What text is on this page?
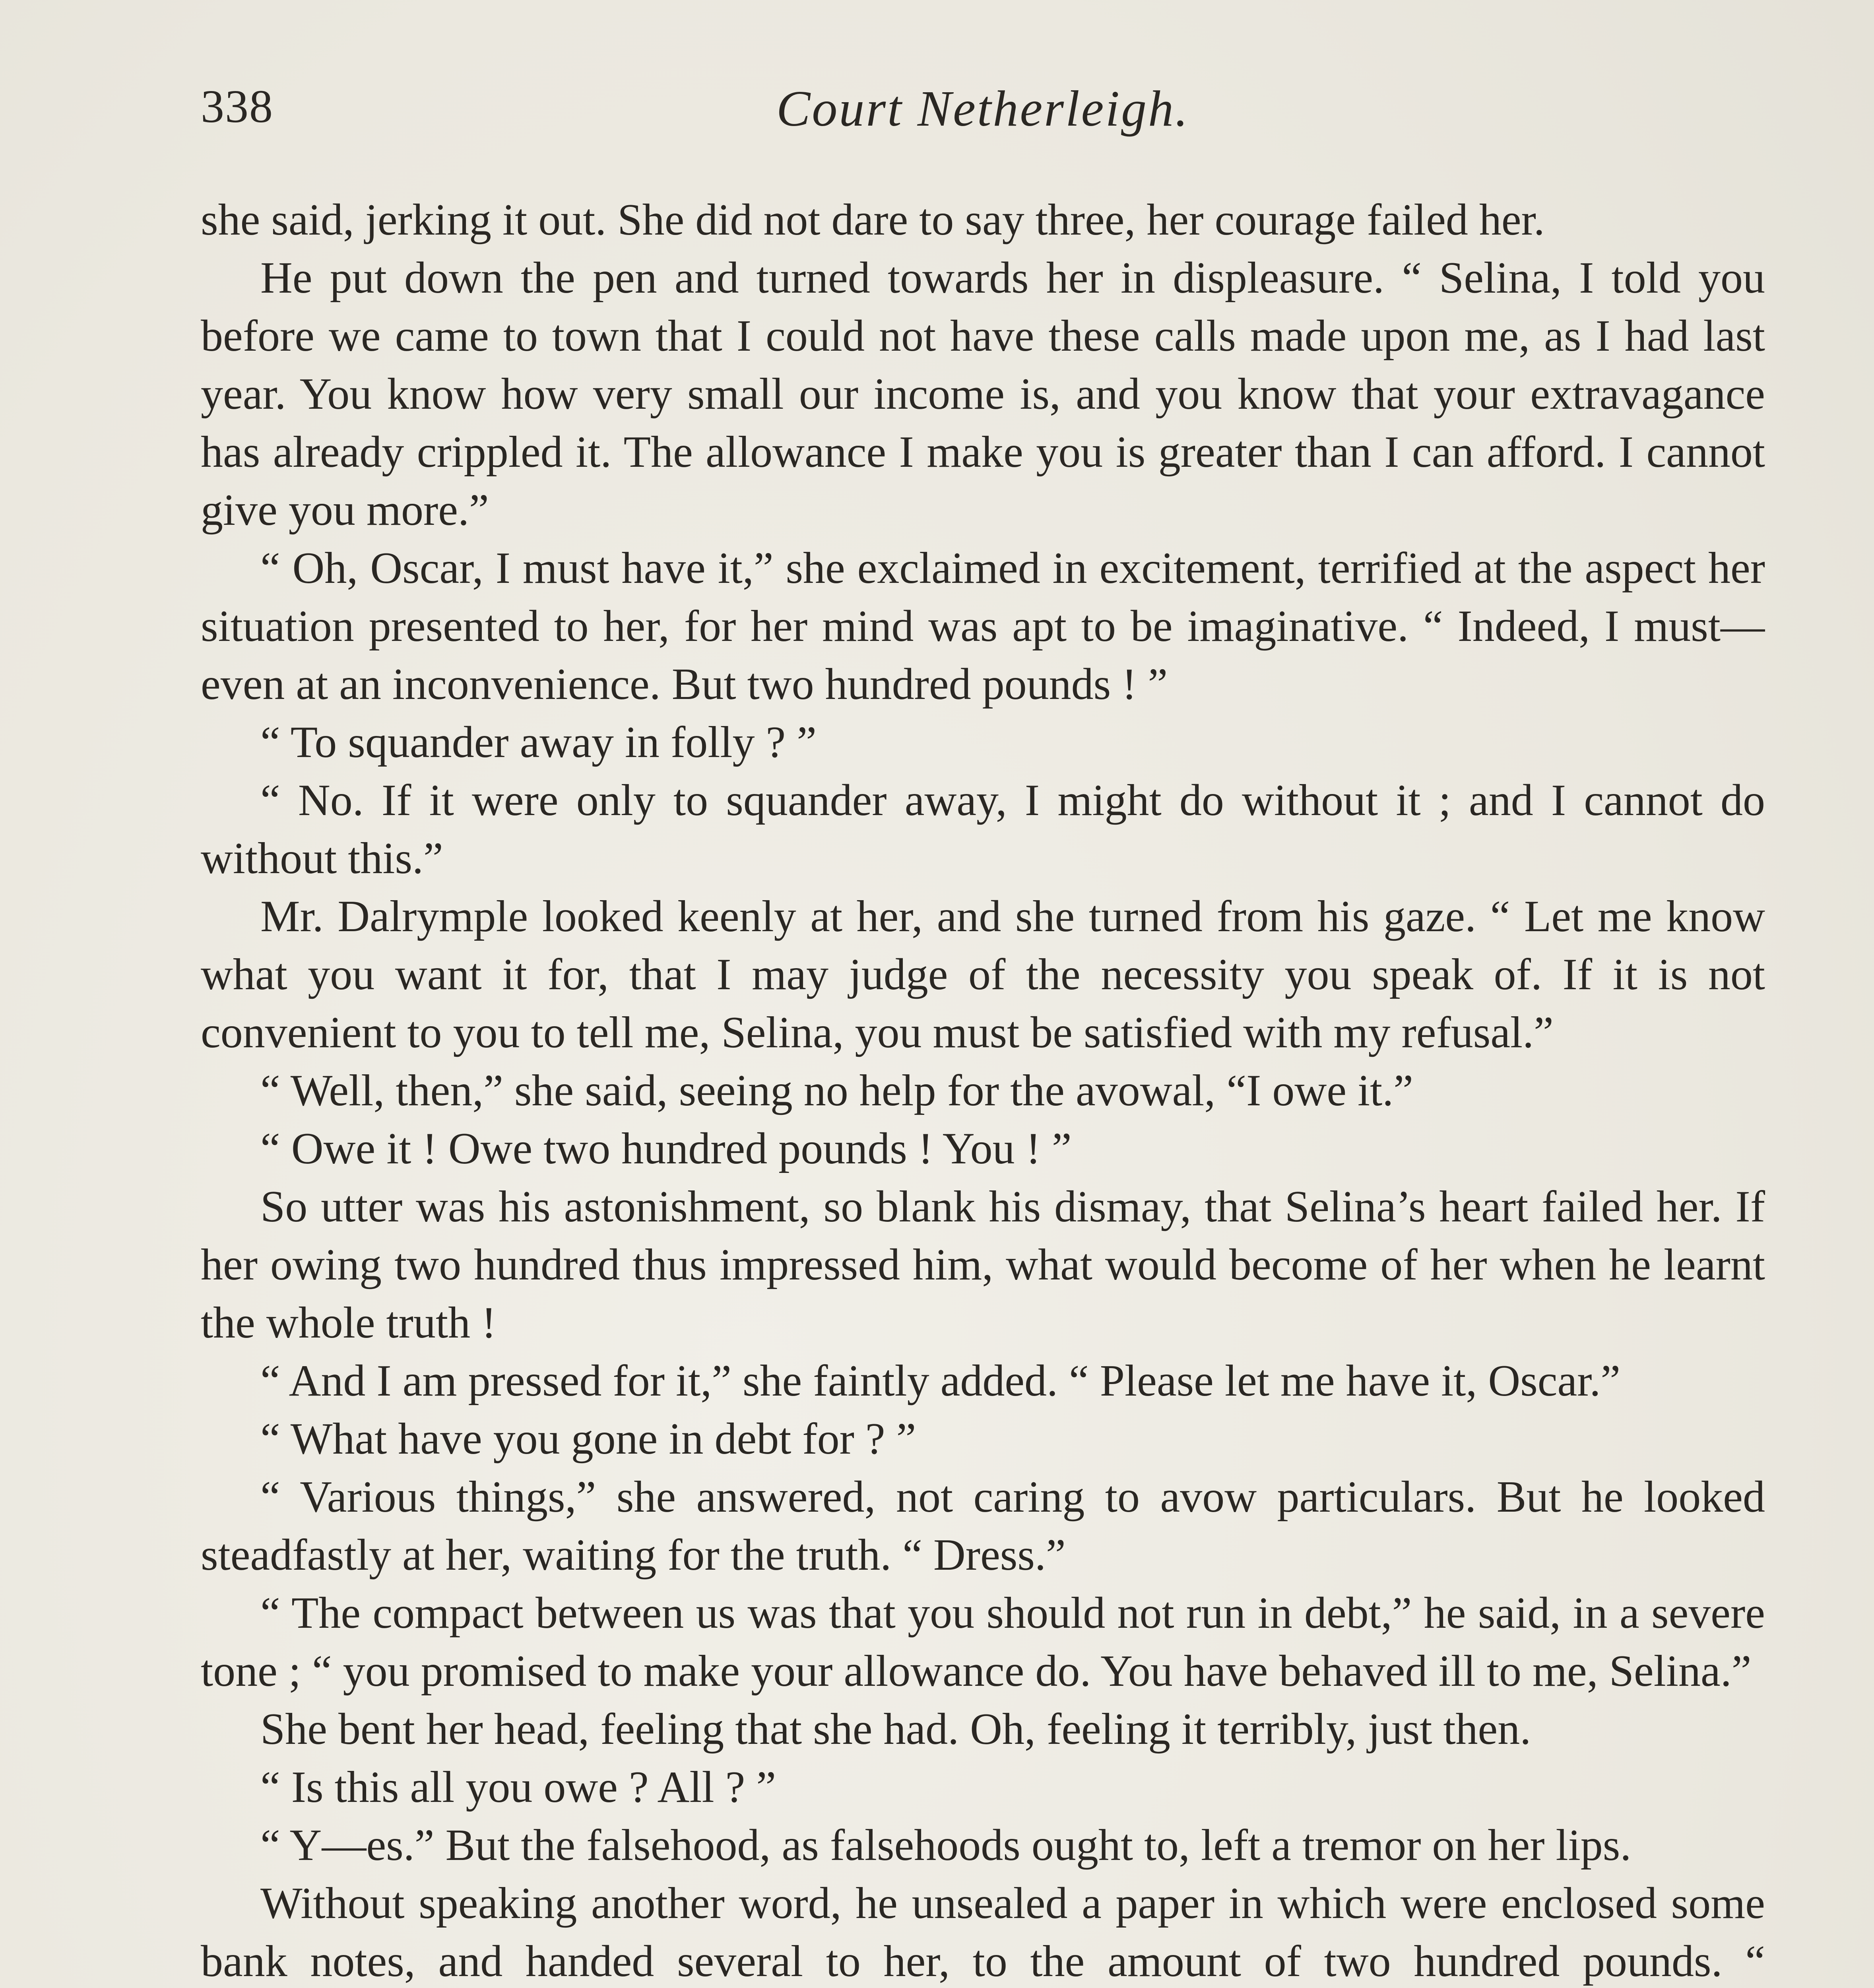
338	Court Netherleigh.

she said, jerking it out. She did not dare to say three, her courage failed her.

He put down the pen and turned towards her in displeasure. “ Selina, I told you before we came to town that I could not have these calls made upon me, as I had last year. You know how very small our income is, and you know that your extravagance has already crippled it. The allowance I make you is greater than I can afford. I cannot give you more.”

“ Oh, Oscar, I must have it,” she exclaimed in excitement, terrified at the aspect her situation presented to her, for her mind was apt to be imaginative. “ Indeed, I must—even at an inconvenience. But two hundred pounds ! ”

“ To squander away in folly ? ”

“ No. If it were only to squander away, I might do without it ; and I cannot do without this.”

Mr. Dalrymple looked keenly at her, and she turned from his gaze. “ Let me know what you want it for, that I may judge of the necessity you speak of. If it is not convenient to you to tell me, Selina, you must be satisfied with my refusal.”

“ Well, then,” she said, seeing no help for the avowal, “I owe it.”

“ Owe it ! Owe two hundred pounds ! You ! ”

So utter was his astonishment, so blank his dismay, that Selina’s heart failed her. If her owing two hundred thus impressed him, what would become of her when he learnt the whole truth !

“ And I am pressed for it,” she faintly added. “ Please let me have it, Oscar.”

“ What have you gone in debt for ? ”

“ Various things,” she answered, not caring to avow particulars. But he looked steadfastly at her, waiting for the truth. “ Dress.”

“ The compact between us was that you should not run in debt,” he said, in a severe tone ; “ you promised to make your allowance do. You have behaved ill to me, Selina.”

She bent her head, feeling that she had. Oh, feeling it terribly, just then.

“ Is this all you owe ? All ? ”

“ Y—es.” But the falsehood, as falsehoods ought to, left a tremor on her lips.

Without speaking another word, he unsealed a paper in which were enclosed some bank notes, and handed several to her, to the amount of two hundred pounds. “
